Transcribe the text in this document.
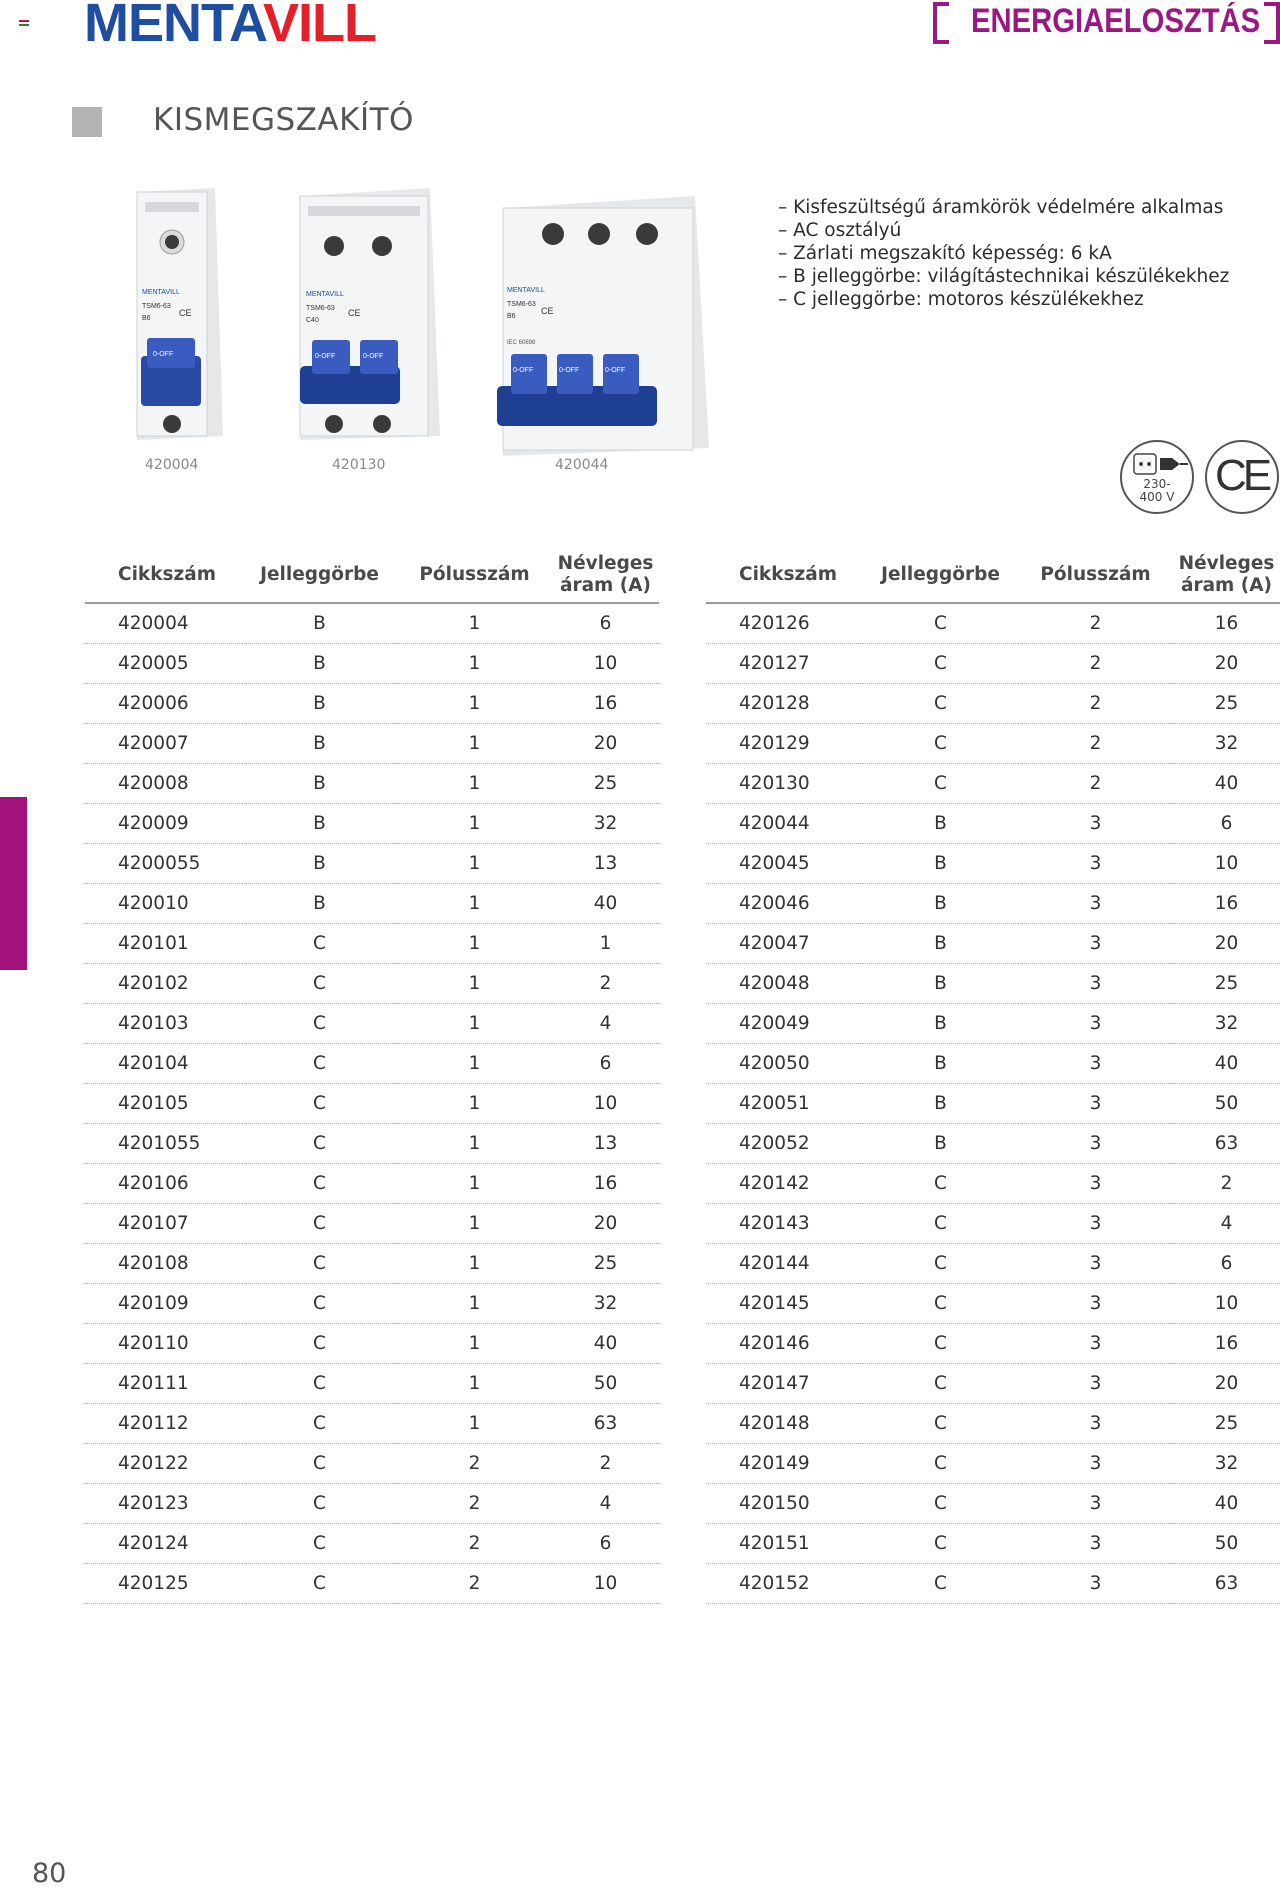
MENTAVILL	ENERGIAELOSZTÁS
KISMEGSZAKÍTÓ
MENTAVILL
TSM6-63
B6
CE
0-OFF
MENTAVILL
TSM6-63
C40
CE
0-OFF	0-OFF
MENTAVILL
TSM6-63
B6
CE
IEC 60898
0-OFF	0-OFF	0-OFF
420004	420130	420044
– Kisfeszültségű áramkörök védelmére alkalmas
– AC osztályú
– Zárlati megszakító képesség: 6 kA
– B jelleggörbe: világítástechnikai készülékekhez
– C jelleggörbe: motoros készülékekhez
230-
400 V CE
Cikkszám	Jelleggörbe	Pólusszám	Névleges
áram (A)

420004	B	1	6
420005	B	1	10
420006	B	1	16
420007	B	1	20
420008	B	1	25
420009	B	1	32
4200055	B	1	13
420010	B	1	40
420101	C	1	1
420102	C	1	2
420103	C	1	4
420104	C	1	6
420105	C	1	10
4201055	C	1	13
420106	C	1	16
420107	C	1	20
420108	C	1	25
420109	C	1	32
420110	C	1	40
420111	C	1	50
420112	C	1	63
420122	C	2	2
420123	C	2	4
420124	C	2	6
420125	C	2	10
Cikkszám	Jelleggörbe	Pólusszám	Névleges
áram (A)

420126	C	2	16
420127	C	2	20
420128	C	2	25
420129	C	2	32
420130	C	2	40
420044	B	3	6
420045	B	3	10
420046	B	3	16
420047	B	3	20
420048	B	3	25
420049	B	3	32
420050	B	3	40
420051	B	3	50
420052	B	3	63
420142	C	3	2
420143	C	3	4
420144	C	3	6
420145	C	3	10
420146	C	3	16
420147	C	3	20
420148	C	3	25
420149	C	3	32
420150	C	3	40
420151	C	3	50
420152	C	3	63
80
